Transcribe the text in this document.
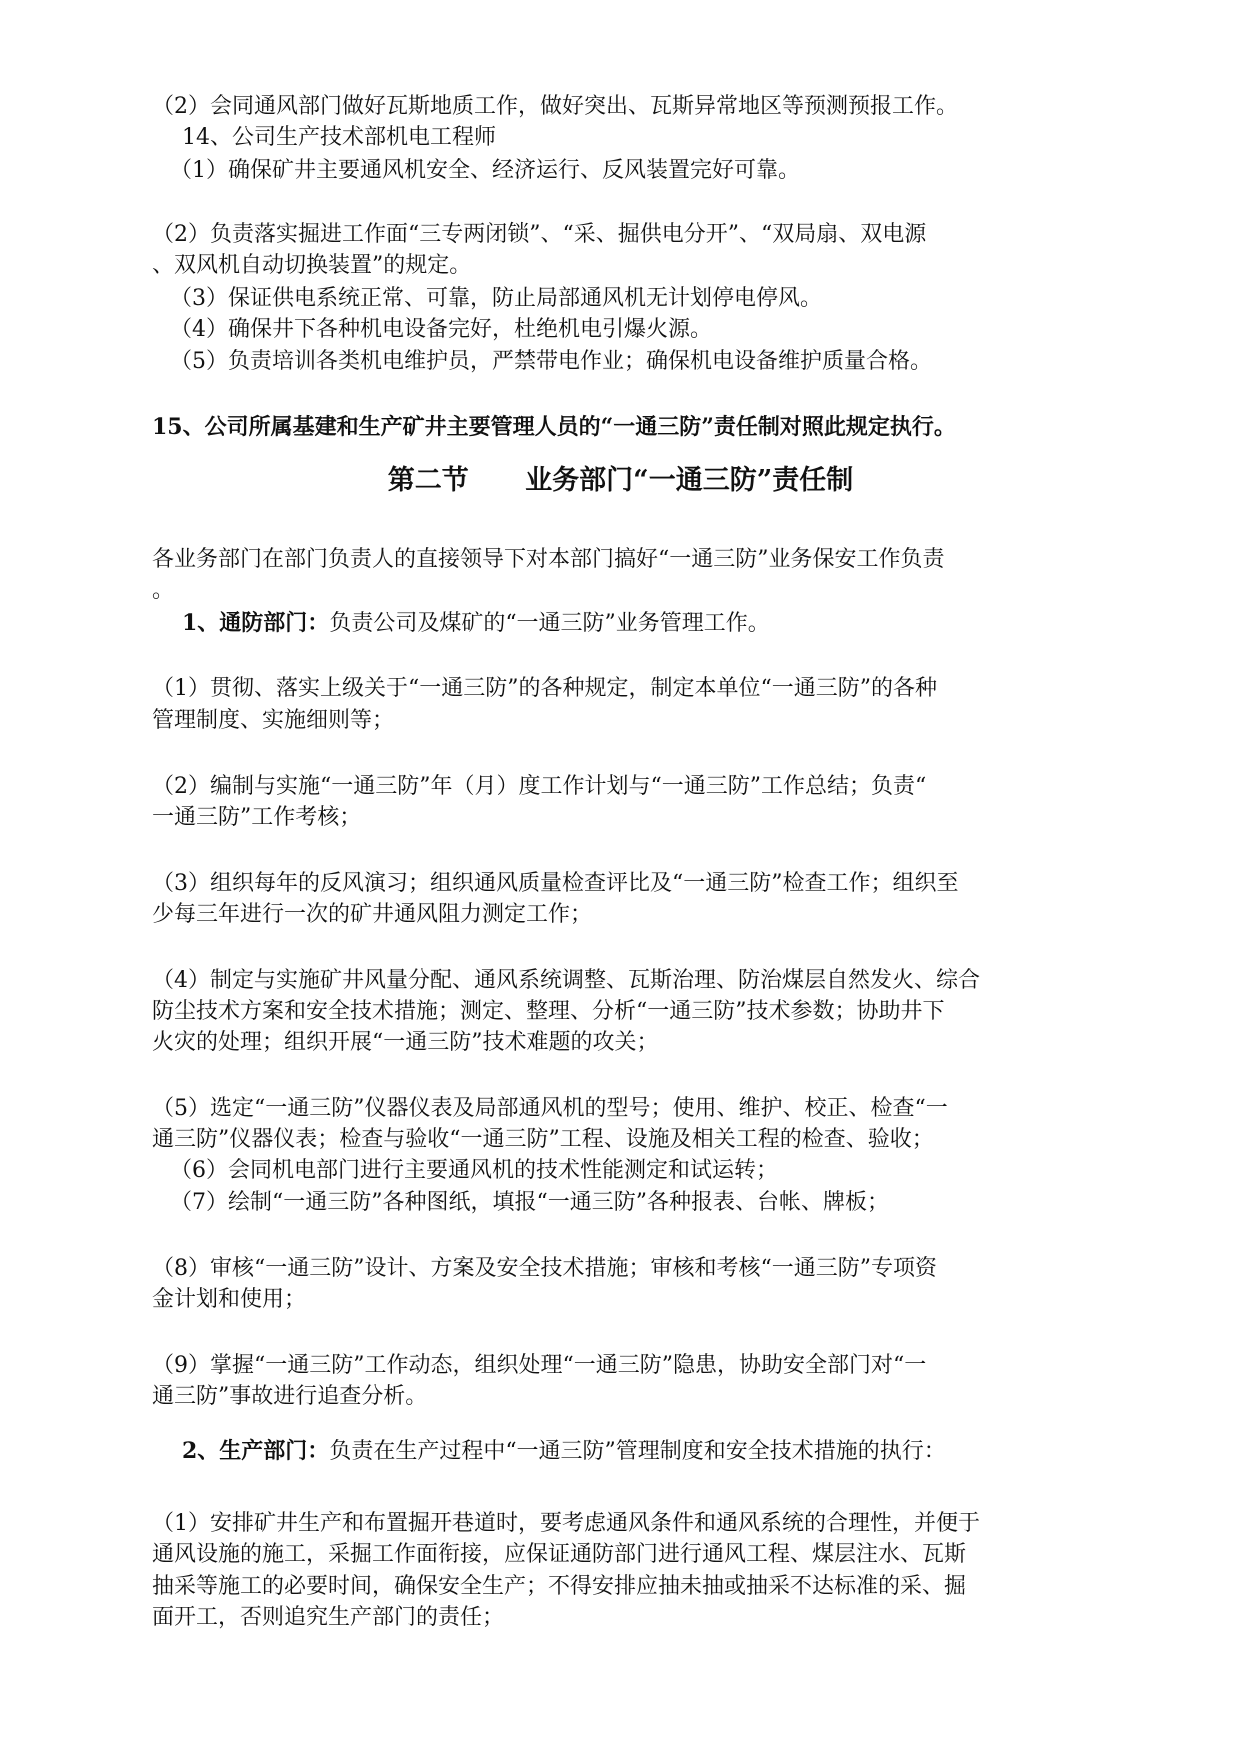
（2）会同通风部门做好瓦斯地质工作，做好突出、瓦斯异常地区等预测预报工作。
14、公司生产技术部机电工程师
（1）确保矿井主要通风机安全、经济运行、反风装置完好可靠。
（2）负责落实掘进工作面“三专两闭锁”、“采、掘供电分开”、“双局扇、双电源
、双风机自动切换装置”的规定。
（3）保证供电系统正常、可靠，防止局部通风机无计划停电停风。
（4）确保井下各种机电设备完好，杜绝机电引爆火源。
（5）负责培训各类机电维护员，严禁带电作业；确保机电设备维护质量合格。
15、公司所属基建和生产矿井主要管理人员的“一通三防”责任制对照此规定执行。
第二节 业务部门“一通三防”责任制
各业务部门在部门负责人的直接领导下对本部门搞好“一通三防”业务保安工作负责
。
1、通防部门：负责公司及煤矿的“一通三防”业务管理工作。
（1）贯彻、落实上级关于“一通三防”的各种规定，制定本单位“一通三防”的各种
管理制度、实施细则等；
（2）编制与实施“一通三防”年（月）度工作计划与“一通三防”工作总结；负责“
一通三防”工作考核；
（3）组织每年的反风演习；组织通风质量检查评比及“一通三防”检查工作；组织至
少每三年进行一次的矿井通风阻力测定工作；
（4）制定与实施矿井风量分配、通风系统调整、瓦斯治理、防治煤层自然发火、综合
防尘技术方案和安全技术措施；测定、整理、分析“一通三防”技术参数；协助井下
火灾的处理；组织开展“一通三防”技术难题的攻关；
（5）选定“一通三防”仪器仪表及局部通风机的型号；使用、维护、校正、检查“一
通三防”仪器仪表；检查与验收“一通三防”工程、设施及相关工程的检查、验收；
（6）会同机电部门进行主要通风机的技术性能测定和试运转；
（7）绘制“一通三防”各种图纸，填报“一通三防”各种报表、台帐、牌板；
（8）审核“一通三防”设计、方案及安全技术措施；审核和考核“一通三防”专项资
金计划和使用；
（9）掌握“一通三防”工作动态，组织处理“一通三防”隐患，协助安全部门对“一
通三防”事故进行追查分析。
2、生产部门：负责在生产过程中“一通三防”管理制度和安全技术措施的执行：
（1）安排矿井生产和布置掘开巷道时，要考虑通风条件和通风系统的合理性，并便于
通风设施的施工，采掘工作面衔接，应保证通防部门进行通风工程、煤层注水、瓦斯
抽采等施工的必要时间，确保安全生产；不得安排应抽未抽或抽采不达标准的采、掘
面开工，否则追究生产部门的责任；
